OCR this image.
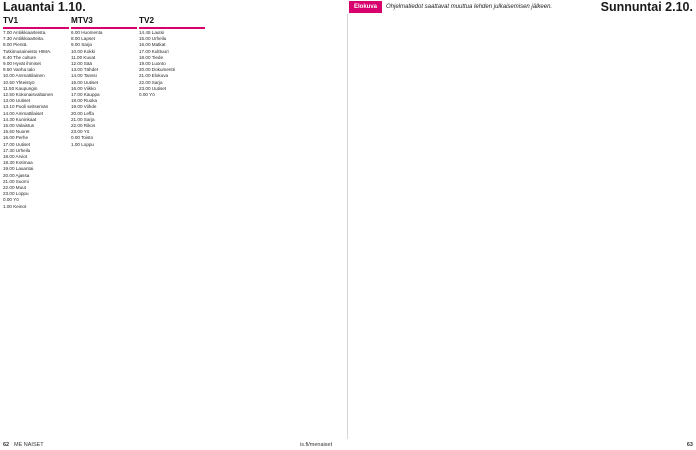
Lauantai 1.10.	Elokuva	Ohjelmatiedot saattavat muuttua lehden julkaisemisen jälkeen.	Sunnuntai 2.10.
TV1
7.00 Antiikkiaarteista.
7.30 Antiikkiaarteita.
8.00 Pientä.
Tutkimusaineisto HIMA.
8.40 The culture
9.00 Hyvät ihmiset
9.50 Vanha talo
10.00 Ammattilainen
10.50 Yhteistyö
11.50 Kaupungin
12.50 Kokonaisvaltainen
13.00 Uutiset
13.10 Puoli seitsemän
14.00 Ammattilaiset
14.30 Kuninkaat
15.00 Valaistus
15.50 Nuoret
16.00 Perhe
17.00 Uutiset
17.30 Urheilu
18.00 Arviot
18.30 Kotimaa
19.00 Lauantai
20.00 Ajassa
21.00 Suomi
22.00 Muut
23.00 Loppu
0.00 Yö
1.00 Keinot
MTV3
6.00 Huomenta
8.00 Lapset
9.00 Sarja
10.00 Kokki
11.00 Kuvat
12.00 Sää
13.00 Tähdet
14.00 Tanssi
15.00 Uutiset
16.00 Viikko
17.00 Kauppa
18.00 Ruoka
19.00 Viihde
20.00 Leffa
21.00 Sarja
22.00 Rikos
23.00 Yö
0.00 Toisto
1.00 Loppu
TV2
14.45 Lautsi
15.00 Urheilu
16.00 Matkat
17.00 Kulttuuri
18.00 Tiede
19.00 Luonto
20.00 Dokumentti
21.00 Elokuva
22.00 Sarja
23.00 Uutiset
0.00 Yö
62 ME NAISET	is.fi/menaiset	63
